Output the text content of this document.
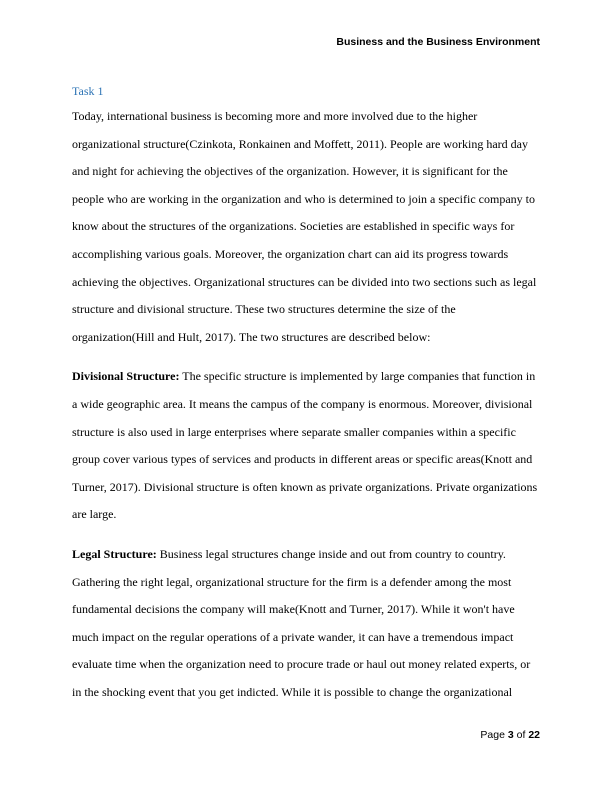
Business and the Business Environment
Task 1

Today, international business is becoming more and more involved due to the higher organizational structure(Czinkota, Ronkainen and Moffett, 2011). People are working hard day and night for achieving the objectives of the organization. However, it is significant for the people who are working in the organization and who is determined to join a specific company to know about the structures of the organizations. Societies are established in specific ways for accomplishing various goals. Moreover, the organization chart can aid its progress towards achieving the objectives. Organizational structures can be divided into two sections such as legal structure and divisional structure. These two structures determine the size of the organization(Hill and Hult, 2017). The two structures are described below:

Divisional Structure: The specific structure is implemented by large companies that function in a wide geographic area. It means the campus of the company is enormous. Moreover, divisional structure is also used in large enterprises where separate smaller companies within a specific group cover various types of services and products in different areas or specific areas(Knott and Turner, 2017). Divisional structure is often known as private organizations. Private organizations are large.

Legal Structure: Business legal structures change inside and out from country to country. Gathering the right legal, organizational structure for the firm is a defender among the most fundamental decisions the company will make(Knott and Turner, 2017). While it won't have much impact on the regular operations of a private wander, it can have a tremendous impact evaluate time when the organization need to procure trade or haul out money related experts, or in the shocking event that you get indicted. While it is possible to change the organizational

Page 3 of 22
